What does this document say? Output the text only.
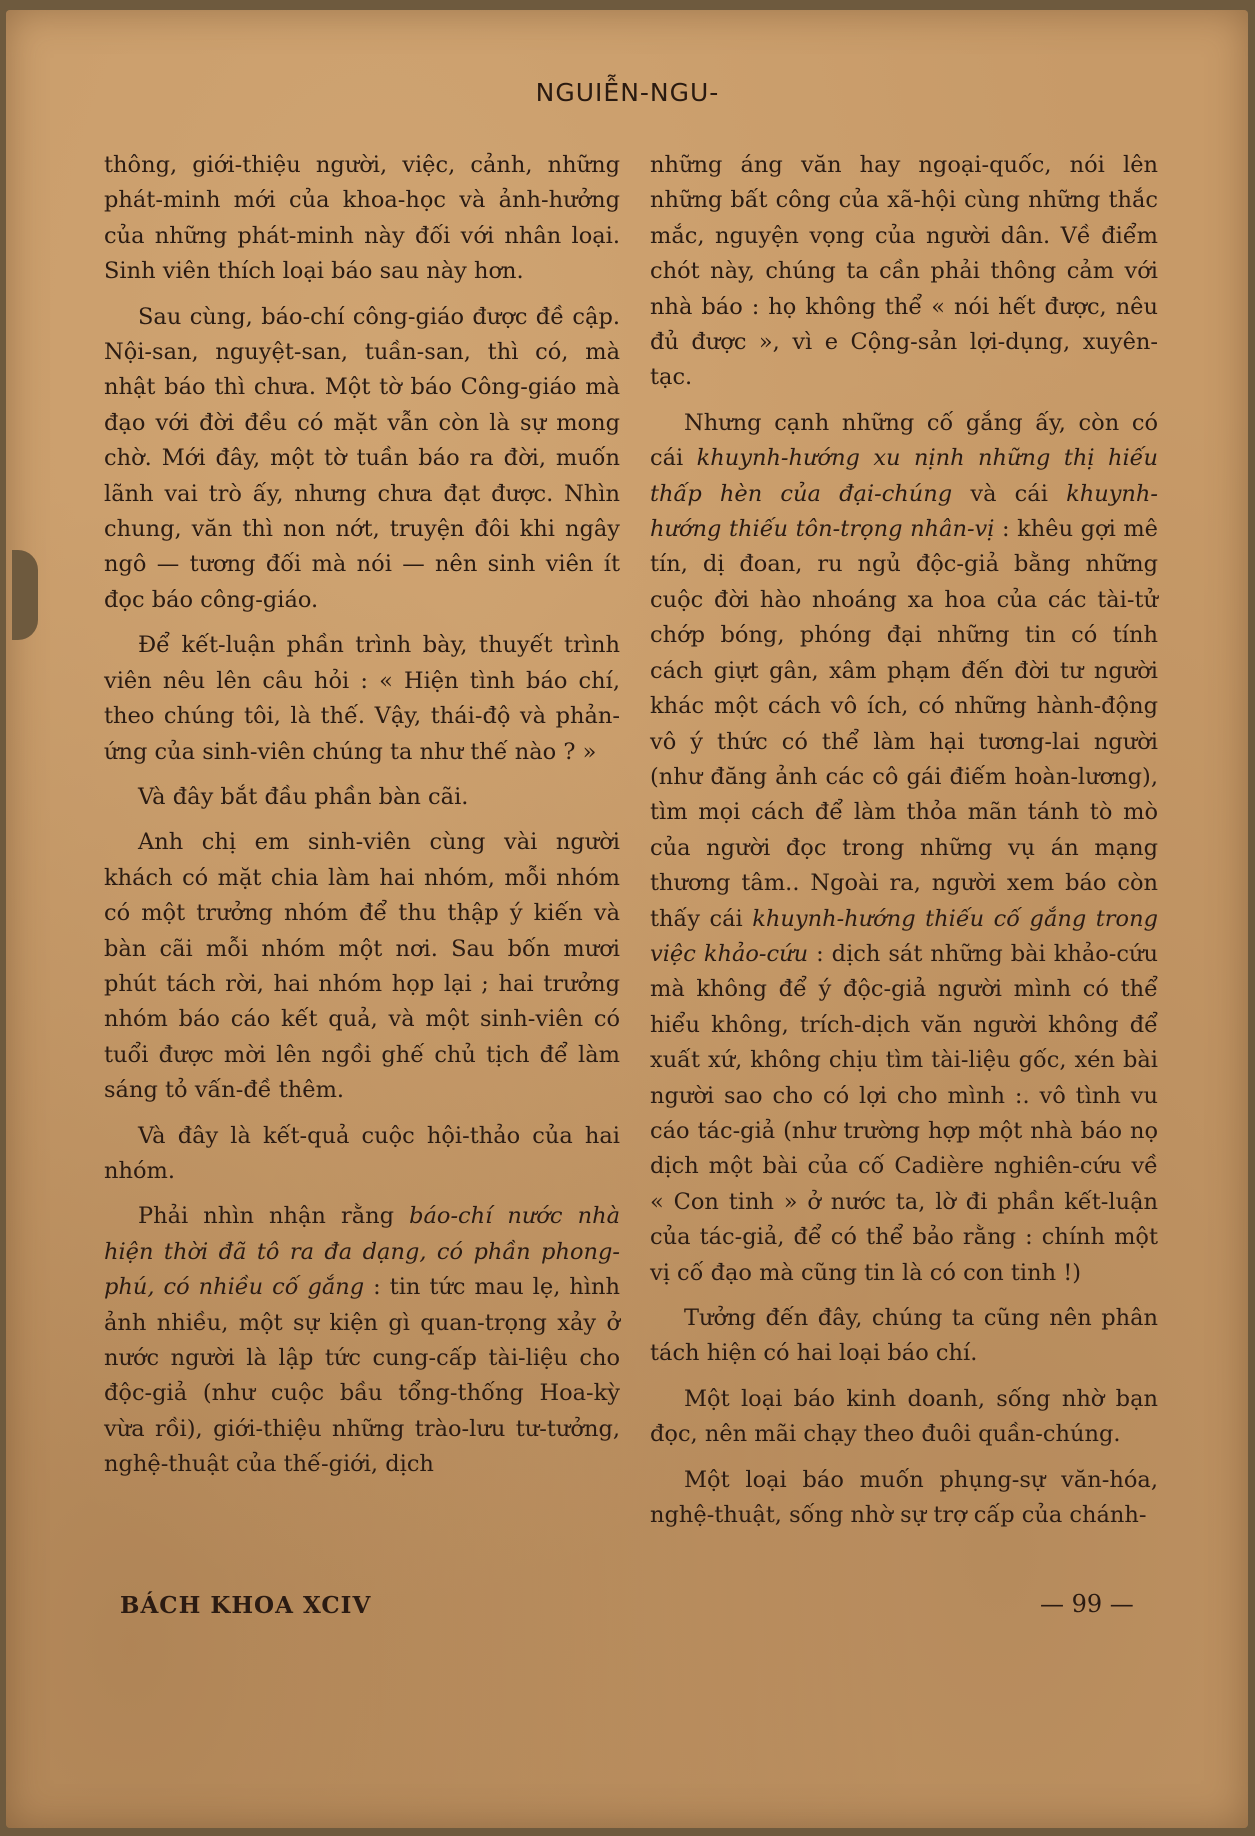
NGUIỄN-NGU-

thông, giới-thiệu người, việc, cảnh, những phát-minh mới của khoa-học và ảnh-hưởng của những phát-minh này đối với nhân loại. Sinh viên thích loại báo sau này hơn.

Sau cùng, báo-chí công-giáo được đề cập. Nội-san, nguyệt-san, tuần-san, thì có, mà nhật báo thì chưa. Một tờ báo Công-giáo mà đạo với đời đều có mặt vẫn còn là sự mong chờ. Mới đây, một tờ tuần báo ra đời, muốn lãnh vai trò ấy, nhưng chưa đạt được. Nhìn chung, văn thì non nớt, truyện đôi khi ngây ngô — tương đối mà nói — nên sinh viên ít đọc báo công-giáo.

Để kết-luận phần trình bày, thuyết trình viên nêu lên câu hỏi : « Hiện tình báo chí, theo chúng tôi, là thế. Vậy, thái-độ và phản-ứng của sinh-viên chúng ta như thế nào ? »

Và đây bắt đầu phần bàn cãi.

Anh chị em sinh-viên cùng vài người khách có mặt chia làm hai nhóm, mỗi nhóm có một trưởng nhóm để thu thập ý kiến và bàn cãi mỗi nhóm một nơi. Sau bốn mươi phút tách rời, hai nhóm họp lại ; hai trưởng nhóm báo cáo kết quả, và một sinh-viên có tuổi được mời lên ngồi ghế chủ tịch để làm sáng tỏ vấn-đề thêm.

Và đây là kết-quả cuộc hội-thảo của hai nhóm.

Phải nhìn nhận rằng báo-chí nước nhà hiện thời đã tô ra đa dạng, có phần phong-phú, có nhiều cố gắng : tin tức mau lẹ, hình ảnh nhiều, một sự kiện gì quan-trọng xảy ở nước người là lập tức cung-cấp tài-liệu cho độc-giả (như cuộc bầu tổng-thống Hoa-kỳ vừa rồi), giới-thiệu những trào-lưu tư-tưởng, nghệ-thuật của thế-giới, dịch

những áng văn hay ngoại-quốc, nói lên những bất công của xã-hội cùng những thắc mắc, nguyện vọng của người dân. Về điểm chót này, chúng ta cần phải thông cảm với nhà báo : họ không thể « nói hết được, nêu đủ được », vì e Cộng-sản lợi-dụng, xuyên-tạc.

Nhưng cạnh những cố gắng ấy, còn có cái khuynh-hướng xu nịnh những thị hiếu thấp hèn của đại-chúng và cái khuynh-hướng thiếu tôn-trọng nhân-vị : khêu gợi mê tín, dị đoan, ru ngủ độc-giả bằng những cuộc đời hào nhoáng xa hoa của các tài-tử chớp bóng, phóng đại những tin có tính cách giựt gân, xâm phạm đến đời tư người khác một cách vô ích, có những hành-động vô ý thức có thể làm hại tương-lai người (như đăng ảnh các cô gái điếm hoàn-lương), tìm mọi cách để làm thỏa mãn tánh tò mò của người đọc trong những vụ án mạng thương tâm.. Ngoài ra, người xem báo còn thấy cái khuynh-hướng thiếu cố gắng trong việc khảo-cứu : dịch sát những bài khảo-cứu mà không để ý độc-giả người mình có thể hiểu không, trích-dịch văn người không để xuất xứ, không chịu tìm tài-liệu gốc, xén bài người sao cho có lợi cho mình :. vô tình vu cáo tác-giả (như trường hợp một nhà báo nọ dịch một bài của cố Cadière nghiên-cứu về « Con tinh » ở nước ta, lờ đi phần kết-luận của tác-giả, để có thể bảo rằng : chính một vị cố đạo mà cũng tin là có con tinh !)

Tưởng đến đây, chúng ta cũng nên phân tách hiện có hai loại báo chí.

Một loại báo kinh doanh, sống nhờ bạn đọc, nên mãi chạy theo đuôi quần-chúng.

Một loại báo muốn phụng-sự văn-hóa, nghệ-thuật, sống nhờ sự trợ cấp của chánh-

BÁCH KHOA XCIV	— 99 —
